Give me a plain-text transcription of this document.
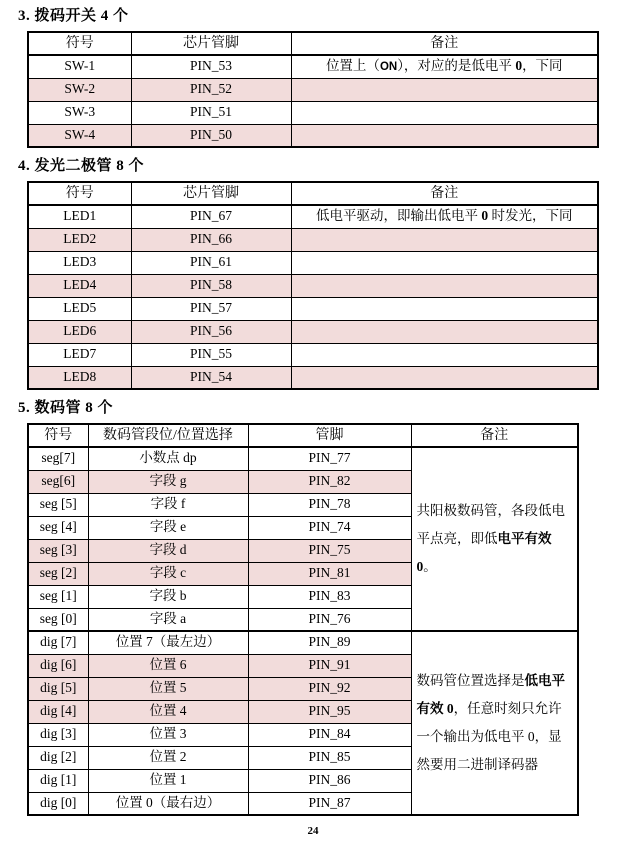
3. 拨码开关 4 个
符号	芯片管脚	备注
SW-1	PIN_53	位置上（ON），对应的是低电平 0，下同
SW-2	PIN_52	
SW-3	PIN_51	
SW-4	PIN_50	
4. 发光二极管 8 个
符号	芯片管脚	备注
LED1	PIN_67	低电平驱动，即输出低电平 0 时发光，下同
LED2	PIN_66	
LED3	PIN_61	
LED4	PIN_58	
LED5	PIN_57	
LED6	PIN_56	
LED7	PIN_55	
LED8	PIN_54	
5. 数码管 8 个
符号	数码管段位/位置选择	管脚	备注
seg[7]	小数点 dp	PIN_77	共阳极数码管，各段低电平点亮，即低电平有效 0。
seg[6]	字段 g	PIN_82	
seg [5]	字段 f	PIN_78	
seg [4]	字段 e	PIN_74	
seg [3]	字段 d	PIN_75	
seg [2]	字段 c	PIN_81	
seg [1]	字段 b	PIN_83	
seg [0]	字段 a	PIN_76	
dig [7]	位置 7（最左边）	PIN_89	数码管位置选择是低电平有效 0，任意时刻只允许一个输出为低电平 0，显然要用二进制译码器
dig [6]	位置 6	PIN_91	
dig [5]	位置 5	PIN_92	
dig [4]	位置 4	PIN_95	
dig [3]	位置 3	PIN_84	
dig [2]	位置 2	PIN_85	
dig [1]	位置 1	PIN_86	
dig [0]	位置 0（最右边）	PIN_87	
24
